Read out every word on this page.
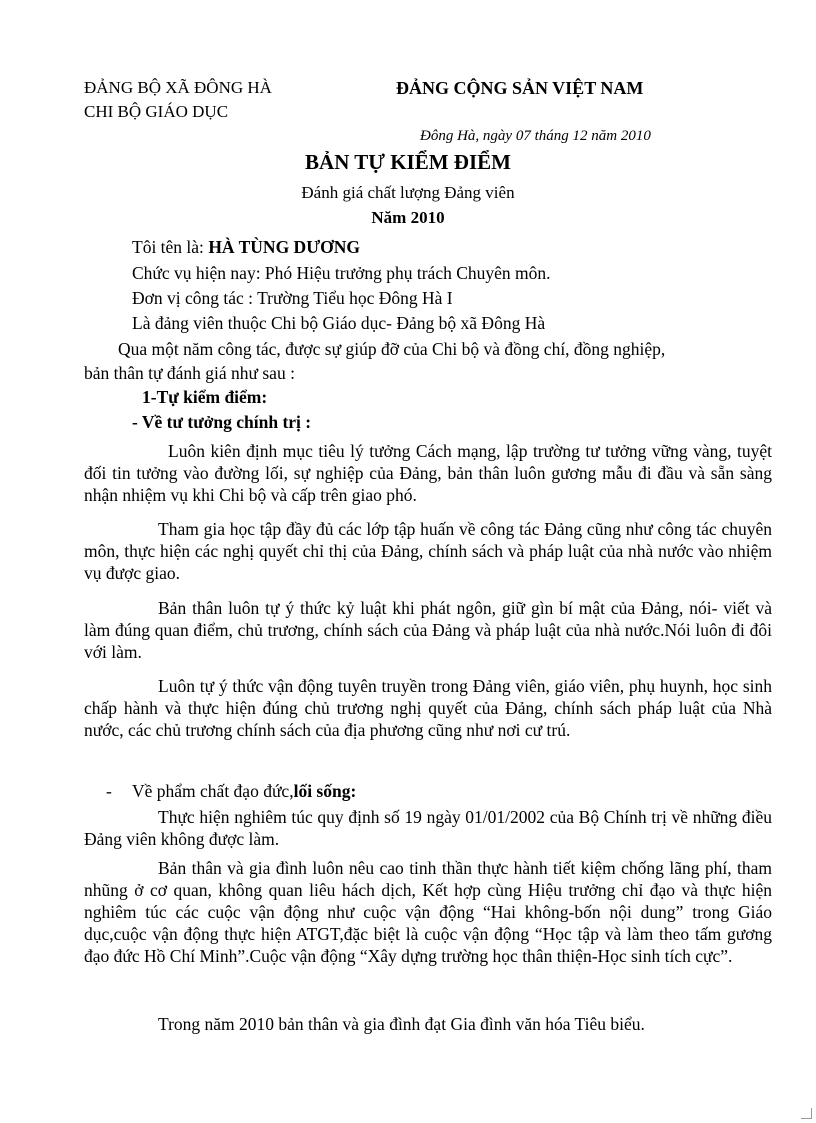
ĐẢNG BỘ XÃ ĐÔNG HÀ
CHI BỘ GIÁO DỤC
ĐẢNG CỘNG SẢN VIỆT NAM
Đông Hà, ngày 07 tháng 12 năm 2010
BẢN TỰ KIỂM ĐIỂM
Đánh giá chất lượng Đảng viên
Năm 2010
Tôi tên là: HÀ TÙNG DƯƠNG
Chức vụ hiện nay: Phó Hiệu trưởng phụ trách Chuyên môn.
Đơn vị công tác : Trường Tiểu học Đông Hà I
Là đảng viên thuộc Chi bộ Giáo dục- Đảng bộ xã Đông Hà
Qua một năm công tác, được sự giúp đỡ của Chi bộ và đồng chí, đồng nghiệp,
bản thân tự đánh giá như sau :
1-Tự kiểm điểm:
- Về tư tưởng chính trị :
Luôn kiên định mục tiêu lý tưởng Cách mạng, lập trường tư tưởng vững vàng, tuyệt đối tin tưởng vào đường lối, sự nghiệp của Đảng, bản thân luôn gương mẫu đi đầu và sẵn sàng nhận nhiệm vụ khi Chi bộ và cấp trên giao phó.
Tham gia học tập đầy đủ các lớp tập huấn về công tác Đảng cũng như công tác chuyên môn, thực hiện các nghị quyết chỉ thị của Đảng, chính sách và pháp luật của nhà nước vào nhiệm vụ được giao.
Bản thân luôn tự ý thức kỷ luật khi phát ngôn, giữ gìn bí mật của Đảng, nói- viết và làm đúng quan điểm, chủ trương, chính sách của Đảng và pháp luật của nhà nước.Nói luôn đi đôi với làm.
Luôn tự ý thức vận động tuyên truyền trong Đảng viên, giáo viên, phụ huynh, học sinh chấp hành và thực hiện đúng chủ trương nghị quyết của Đảng, chính sách pháp luật của Nhà nước, các chủ trương chính sách của địa phương cũng như nơi cư trú.
- Về phẩm chất đạo đức,lối sống:
Thực hiện nghiêm túc quy định số 19 ngày 01/01/2002 của Bộ Chính trị về những điều Đảng viên không được làm.
Bản thân và gia đình luôn nêu cao tinh thần thực hành tiết kiệm chống lãng phí, tham nhũng ở cơ quan, không quan liêu hách dịch, Kết hợp cùng Hiệu trưởng chỉ đạo và thực hiện nghiêm túc các cuộc vận động như cuộc vận động “Hai không-bốn nội dung” trong Giáo dục,cuộc vận động thực hiện ATGT,đặc biệt là cuộc vận động “Học tập và làm theo tấm gương đạo đức Hồ Chí Minh”.Cuộc vận động “Xây dựng trường học thân thiện-Học sinh tích cực”.
Trong năm 2010 bản thân và gia đình đạt Gia đình văn hóa Tiêu biểu.
